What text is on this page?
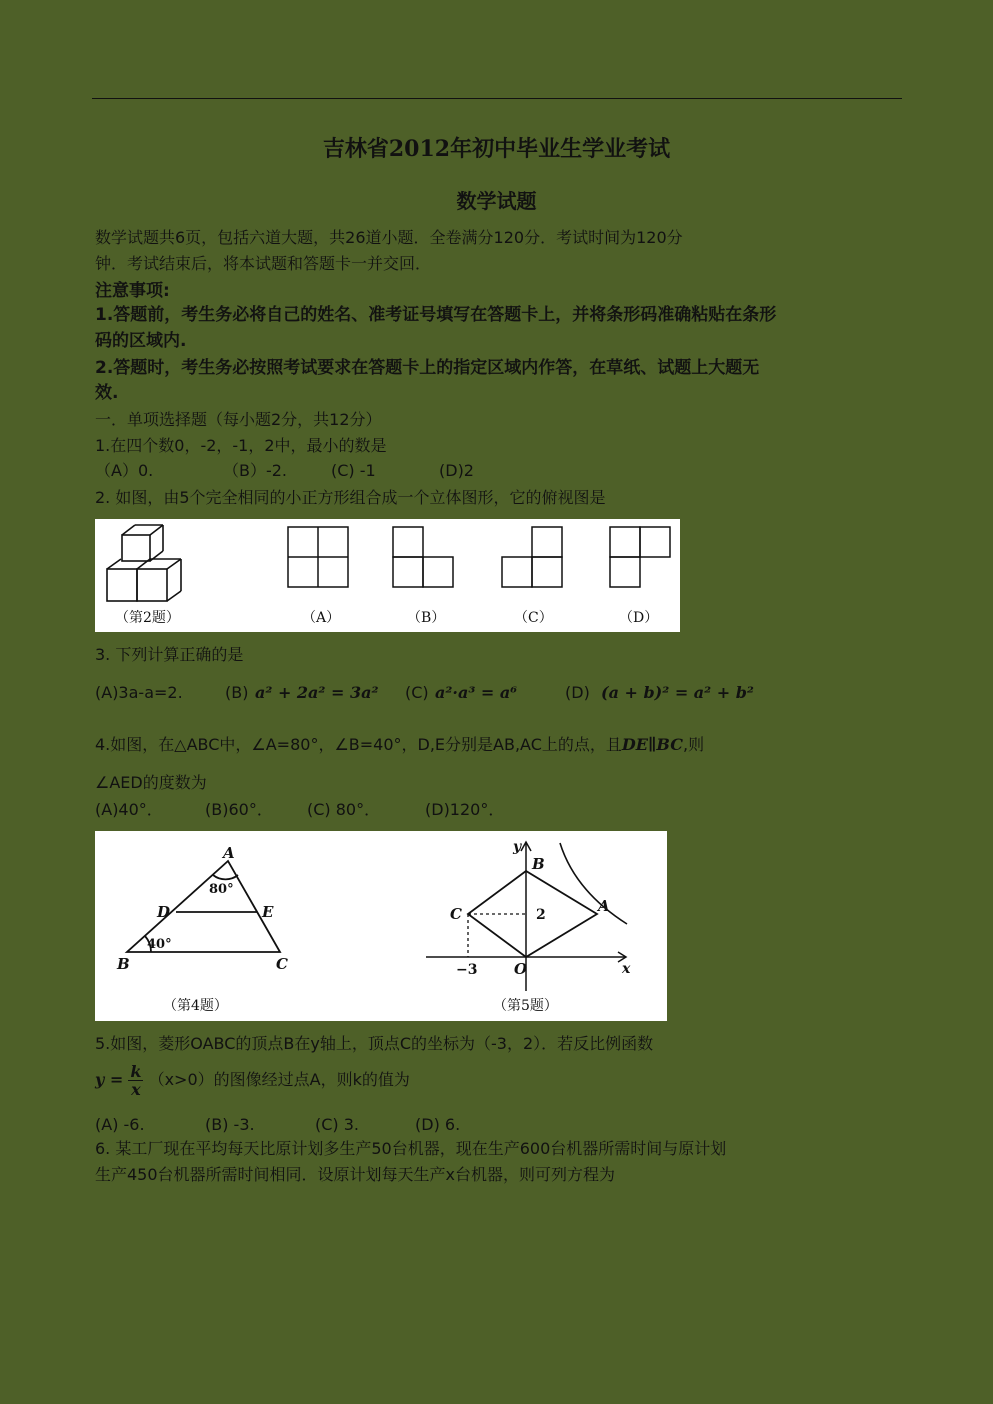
吉林省2012年初中毕业生学业考试
数学试题

数学试题共6页，包括六道大题，共26道小题．全卷满分120分．考试时间为120分

钟．考试结束后，将本试题和答题卡一并交回．

注意事项:

1.答题前，考生务必将自己的姓名、准考证号填写在答题卡上，并将条形码准确粘贴在条形

码的区域内.

2.答题时，考生务必按照考试要求在答题卡上的指定区域内作答，在草纸、试题上大题无

效.

一．单项选择题（每小题2分，共12分）

1.在四个数0，-2，-1，2中，最小的数是

（A）0.	（B）-2.	(C) -1	(D)2

2. 如图，由5个完全相同的小正方形组合成一个立体图形，它的俯视图是

（第2题）	（A）	（B）	（C）	（D）

3. 下列计算正确的是

(A)3a-a=2.	(B) a² + 2a² = 3a² (C) a²·a³ = a⁶	(D) (a + b)² = a² + b²

4.如图，在△ABC中，∠A=80°，∠B=40°，D,E分别是AB,AC上的点，且DE∥BC,则

∠AED的度数为

(A)40°．	(B)60°． (C) 80°．	(D)120°．

A
80°
D	E
40°
B	C
（第4题）
y
B
C	2	A
−3 O	x
（第5题）

5.如图，菱形OABC的顶点B在y轴上，顶点C的坐标为（-3，2）．若反比例函数

$y = \frac{k}{x} (x>0)$的图像经过点A，则k的值为

(A) -6.	(B) -3.	(C) 3.	(D) 6.

6. 某工厂现在平均每天比原计划多生产50台机器，现在生产600台机器所需时间与原计划

生产450台机器所需时间相同．设原计划每天生产x台机器，则可列方程为
